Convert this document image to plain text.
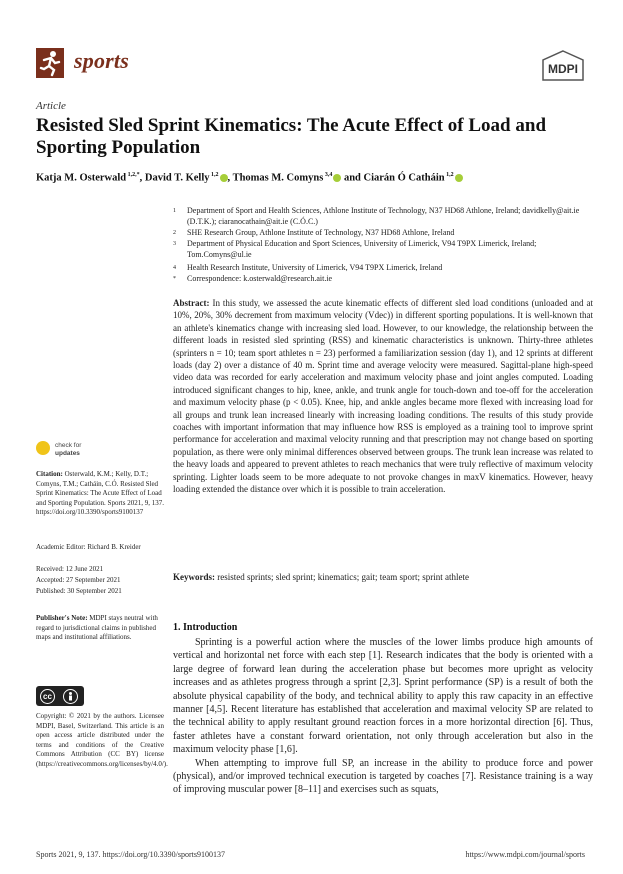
sports	MDPI
Article
Resisted Sled Sprint Kinematics: The Acute Effect of Load and Sporting Population
Katja M. Osterwald $^{1,2,*}$, David T. Kelly $^{1,2}$ , Thomas M. Comyns $^{3,4}$ and Ciarán Ó Catháin $^{1,2}$
1 Department of Sport and Health Sciences, Athlone Institute of Technology, N37 HD68 Athlone, Ireland; davidkelly@ait.ie (D.T.K.); ciaranocathain@ait.ie (C.Ó.C.)
2 SHE Research Group, Athlone Institute of Technology, N37 HD68 Athlone, Ireland
3 Department of Physical Education and Sport Sciences, University of Limerick, V94 T9PX Limerick, Ireland; Tom.Comyns@ul.ie
4 Health Research Institute, University of Limerick, V94 T9PX Limerick, Ireland
* Correspondence: k.osterwald@research.ait.ie
Abstract: In this study, we assessed the acute kinematic effects of different sled load conditions (unloaded and at 10%, 20%, 30% decrement from maximum velocity (Vdec)) in different sporting populations. It is well-known that an athlete's kinematics change with increasing sled load. However, to our knowledge, the relationship between the different loads in resisted sled sprinting (RSS) and kinematic characteristics is unknown. Thirty-three athletes (sprinters n = 10; team sport athletes n = 23) performed a familiarization session (day 1), and 12 sprints at different loads (day 2) over a distance of 40 m. Sprint time and average velocity were measured. Sagittal-plane high-speed video data was recorded for early acceleration and maximum velocity phase and joint angles computed. Loading introduced significant changes to hip, knee, ankle, and trunk angle for touch-down and toe-off for the acceleration and maximum velocity phase (p < 0.05). Knee, hip, and ankle angles became more flexed with increasing load for all groups and trunk lean increased linearly with increasing loading conditions. The results of this study provide coaches with important information that may influence how RSS is employed as a training tool to improve sprint performance for acceleration and maximal velocity running and that prescription may not change based on sporting population, as there were only minimal differences observed between groups. The trunk lean increase was related to the heavy loads and appeared to prevent athletes to reach mechanics that were truly reflective of maximum velocity sprinting. Lighter loads seem to be more adequate to not provoke changes in maxV kinematics. However, heavy loading extended the distance over which it is possible to train acceleration.
Keywords: resisted sprints; sled sprint; kinematics; gait; team sport; sprint athlete
check for
updates
Citation: Osterwald, K.M.; Kelly, D.T.; Comyns, T.M.; Catháin, C.Ó. Resisted Sled Sprint Kinematics: The Acute Effect of Load and Sporting Population. Sports 2021, 9, 137. https://doi.org/10.3390/sports9100137
Academic Editor: Richard B. Kreider
Received: 12 June 2021
Accepted: 27 September 2021
Published: 30 September 2021
Publisher's Note: MDPI stays neutral with regard to jurisdictional claims in published maps and institutional affiliations.
cc
Copyright: © 2021 by the authors. Licensee MDPI, Basel, Switzerland. This article is an open access article distributed under the terms and conditions of the Creative Commons Attribution (CC BY) license (https://creativecommons.org/licenses/by/4.0/).
1. Introduction

Sprinting is a powerful action where the muscles of the lower limbs produce high amounts of vertical and horizontal net force with each step [1]. Research indicates that the body is oriented with a large degree of forward lean during the acceleration phase but becomes more upright as velocity increases and as athletes progress through a sprint [2,3]. Sprint performance (SP) is a result of both the absolute physical capability of the body, and technical ability to apply this raw capacity in an effective manner [4,5]. Recent literature has established that acceleration and maximal velocity SP are related to the technical ability to apply resultant ground reaction forces in a more horizontal direction [6]. Thus, faster athletes have a constant forward orientation, not only through acceleration but also in the maximum velocity phase [1,6].

When attempting to improve full SP, an increase in the ability to produce force and power (physical), and/or improved technical execution is targeted by coaches [7]. Resistance training is a way of improving muscular power [8–11] and exercises such as squats,

Sports 2021, 9, 137. https://doi.org/10.3390/sports9100137	https://www.mdpi.com/journal/sports
